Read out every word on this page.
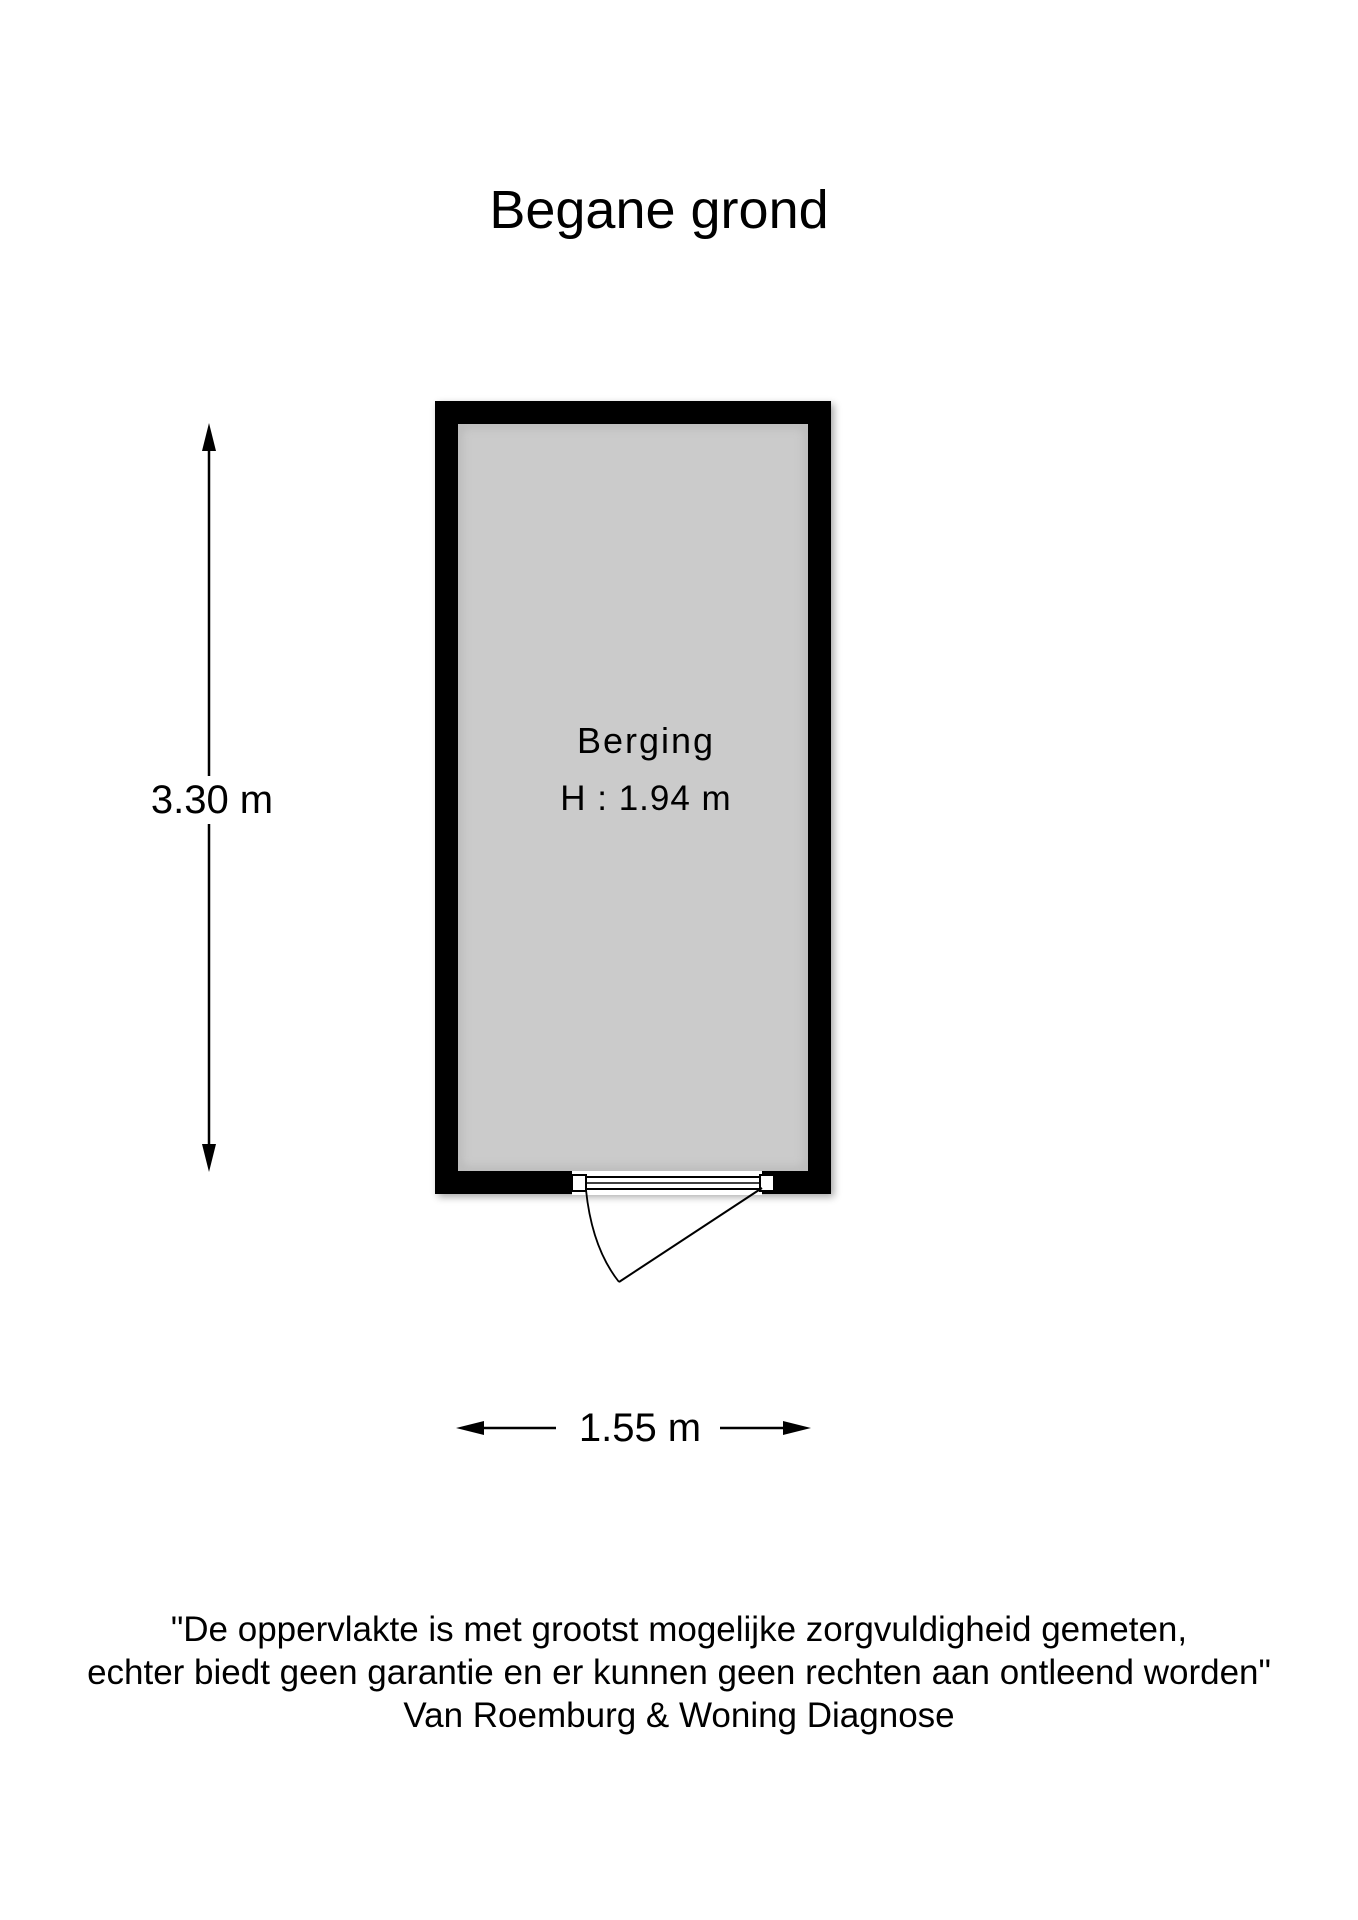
Begane grond
Berging
H : 1.94 m
3.30 m
1.55 m
"De oppervlakte is met grootst mogelijke zorgvuldigheid gemeten,
echter biedt geen garantie en er kunnen geen rechten aan ontleend worden"
Van Roemburg & Woning Diagnose
